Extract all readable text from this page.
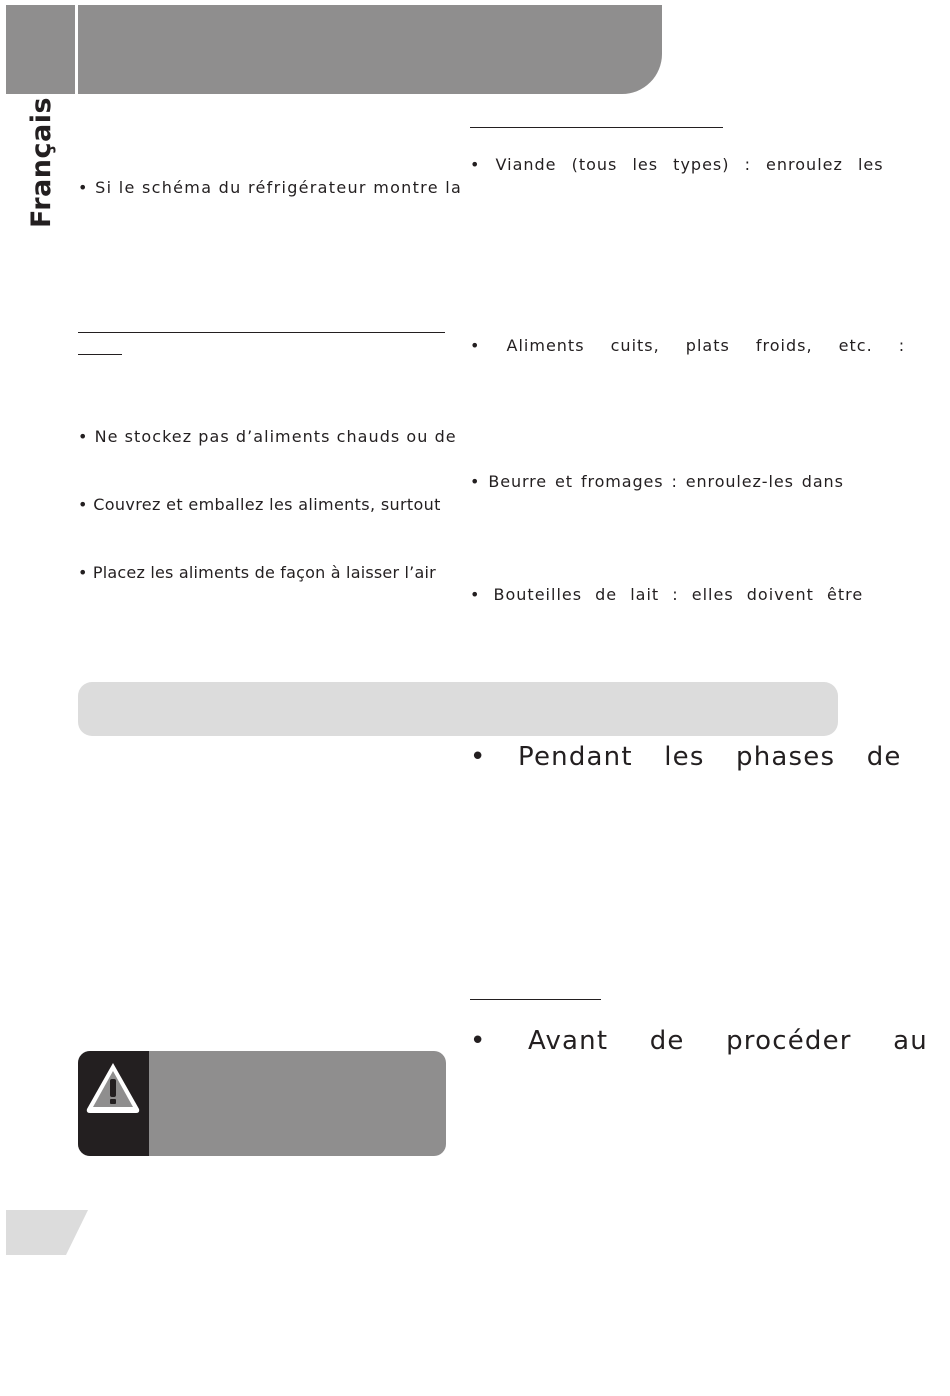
Français • Si le schéma du réfrigérateur montre la
• Ne stockez pas d’aliments chauds ou de
• Couvrez et emballez les aliments, surtout
• Placez les aliments de façon à laisser l’air
• Viande (tous les types) : enroulez les
• Aliments cuits, plats froids, etc. :
• Beurre et fromages : enroulez-les dans
• Bouteilles de lait : elles doivent être
• Pendant les phases de
• Avant de procéder au
